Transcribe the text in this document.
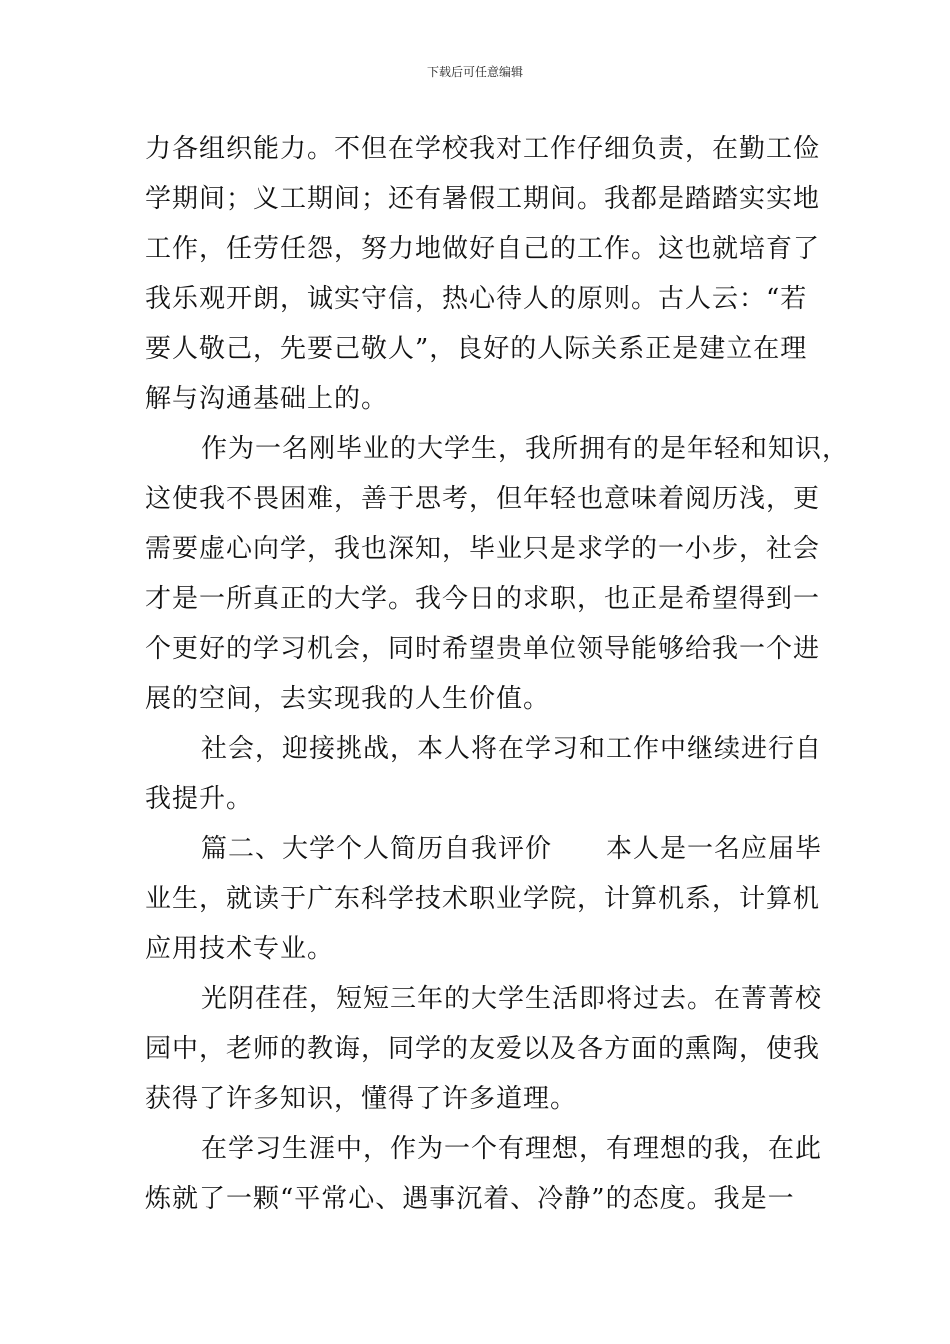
下载后可任意编辑

力各组织能力。不但在学校我对工作仔细负责，在勤工俭
学期间；义工期间；还有暑假工期间。我都是踏踏实实地
工作，任劳任怨，努力地做好自己的工作。这也就培育了
我乐观开朗，诚实守信，热心待人的原则。古人云：“若
要人敬己，先要己敬人”，良好的人际关系正是建立在理
解与沟通基础上的。

作为一名刚毕业的大学生，我所拥有的是年轻和知识，
这使我不畏困难，善于思考，但年轻也意味着阅历浅，更
需要虚心向学，我也深知，毕业只是求学的一小步，社会
才是一所真正的大学。我今日的求职，也正是希望得到一
个更好的学习机会，同时希望贵单位领导能够给我一个进
展的空间，去实现我的人生价值。

社会，迎接挑战，本人将在学习和工作中继续进行自
我提升。

篇二、大学个人简历自我评价　　本人是一名应届毕
业生，就读于广东科学技术职业学院，计算机系，计算机
应用技术专业。

光阴荏荏，短短三年的大学生活即将过去。在菁菁校
园中，老师的教诲，同学的友爱以及各方面的熏陶，使我
获得了许多知识，懂得了许多道理。

在学习生涯中，作为一个有理想，有理想的我，在此
炼就了一颗“平常心、遇事沉着、冷静”的态度。我是一
